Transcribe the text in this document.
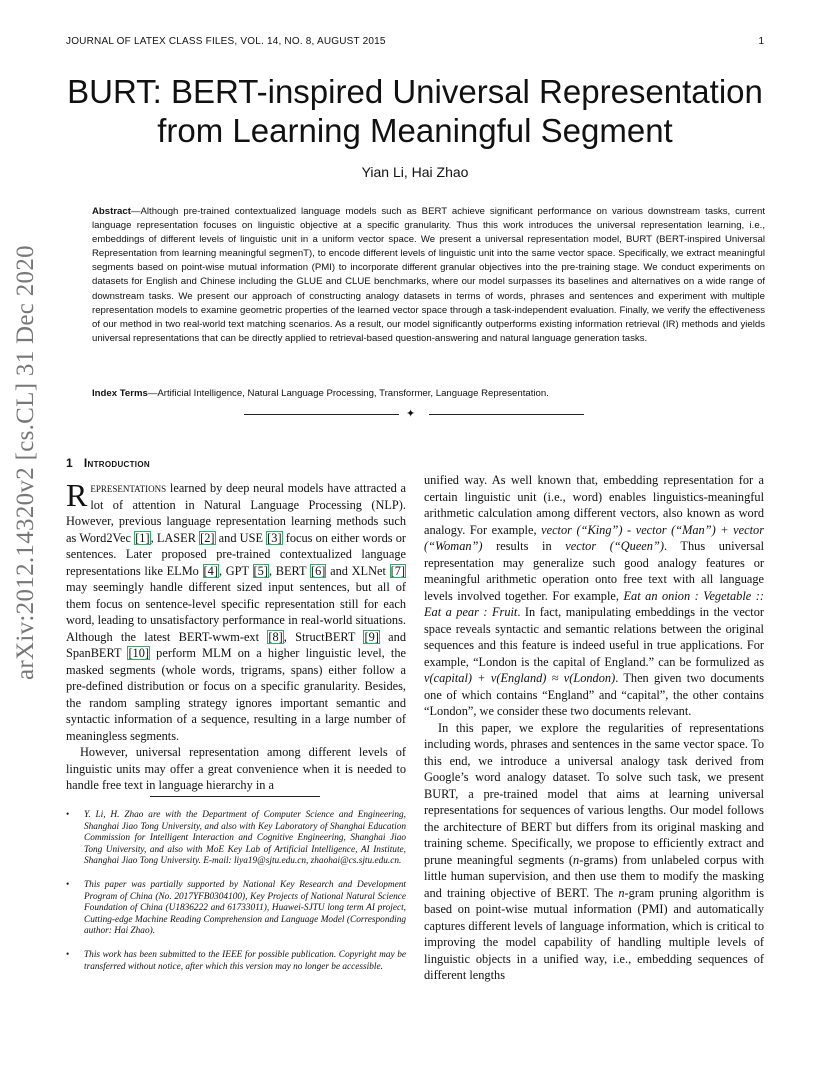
JOURNAL OF LATEX CLASS FILES, VOL. 14, NO. 8, AUGUST 2015	1
arXiv:2012.14320v2 [cs.CL] 31 Dec 2020
BURT: BERT-inspired Universal Representation from Learning Meaningful Segment
Yian Li, Hai Zhao
Abstract—Although pre-trained contextualized language models such as BERT achieve significant performance on various downstream tasks, current language representation focuses on linguistic objective at a specific granularity. Thus this work introduces the universal representation learning, i.e., embeddings of different levels of linguistic unit in a uniform vector space. We present a universal representation model, BURT (BERT-inspired Universal Representation from learning meaningful segmenT), to encode different levels of linguistic unit into the same vector space. Specifically, we extract meaningful segments based on point-wise mutual information (PMI) to incorporate different granular objectives into the pre-training stage. We conduct experiments on datasets for English and Chinese including the GLUE and CLUE benchmarks, where our model surpasses its baselines and alternatives on a wide range of downstream tasks. We present our approach of constructing analogy datasets in terms of words, phrases and sentences and experiment with multiple representation models to examine geometric properties of the learned vector space through a task-independent evaluation. Finally, we verify the effectiveness of our method in two real-world text matching scenarios. As a result, our model significantly outperforms existing information retrieval (IR) methods and yields universal representations that can be directly applied to retrieval-based question-answering and natural language generation tasks.
Index Terms—Artificial Intelligence, Natural Language Processing, Transformer, Language Representation.
✦
1 Introduction

Representations learned by deep neural models have attracted a lot of attention in Natural Language Processing (NLP). However, previous language representation learning methods such as Word2Vec [1], LASER [2] and USE [3] focus on either words or sentences. Later proposed pre-trained contextualized language representations like ELMo [4], GPT [5], BERT [6] and XLNet [7] may seemingly handle different sized input sentences, but all of them focus on sentence-level specific representation still for each word, leading to unsatisfactory performance in real-world situations. Although the latest BERT-wwm-ext [8], StructBERT [9] and SpanBERT [10] perform MLM on a higher linguistic level, the masked segments (whole words, trigrams, spans) either follow a pre-defined distribution or focus on a specific granularity. Besides, the random sampling strategy ignores important semantic and syntactic information of a sequence, resulting in a large number of meaningless segments.

However, universal representation among different levels of linguistic units may offer a great convenience when it is needed to handle free text in language hierarchy in a

• Y. Li, H. Zhao are with the Department of Computer Science and Engineering, Shanghai Jiao Tong University, and also with Key Laboratory of Shanghai Education Commission for Intelligent Interaction and Cognitive Engineering, Shanghai Jiao Tong University, and also with MoE Key Lab of Artificial Intelligence, AI Institute, Shanghai Jiao Tong University. E-mail: liya19@sjtu.edu.cn, zhaohai@cs.sjtu.edu.cn.
• This paper was partially supported by National Key Research and Development Program of China (No. 2017YFB0304100), Key Projects of National Natural Science Foundation of China (U1836222 and 61733011), Huawei-SJTU long term AI project, Cutting-edge Machine Reading Comprehension and Language Model (Corresponding author: Hai Zhao).
• This work has been submitted to the IEEE for possible publication. Copyright may be transferred without notice, after which this version may no longer be accessible.

unified way. As well known that, embedding representation for a certain linguistic unit (i.e., word) enables linguistics-meaningful arithmetic calculation among different vectors, also known as word analogy. For example, vector (“King”) - vector (“Man”) + vector (“Woman”) results in vector (“Queen”). Thus universal representation may generalize such good analogy features or meaningful arithmetic operation onto free text with all language levels involved together. For example, Eat an onion : Vegetable :: Eat a pear : Fruit. In fact, manipulating embeddings in the vector space reveals syntactic and semantic relations between the original sequences and this feature is indeed useful in true applications. For example, “London is the capital of England.” can be formulized as v(capital) + v(England) ≈ v(London). Then given two documents one of which contains “England” and “capital”, the other contains “London”, we consider these two documents relevant.

In this paper, we explore the regularities of representations including words, phrases and sentences in the same vector space. To this end, we introduce a universal analogy task derived from Google’s word analogy dataset. To solve such task, we present BURT, a pre-trained model that aims at learning universal representations for sequences of various lengths. Our model follows the architecture of BERT but differs from its original masking and training scheme. Specifically, we propose to efficiently extract and prune meaningful segments (n-grams) from unlabeled corpus with little human supervision, and then use them to modify the masking and training objective of BERT. The n-gram pruning algorithm is based on point-wise mutual information (PMI) and automatically captures different levels of language information, which is critical to improving the model capability of handling multiple levels of linguistic objects in a unified way, i.e., embedding sequences of different lengths
